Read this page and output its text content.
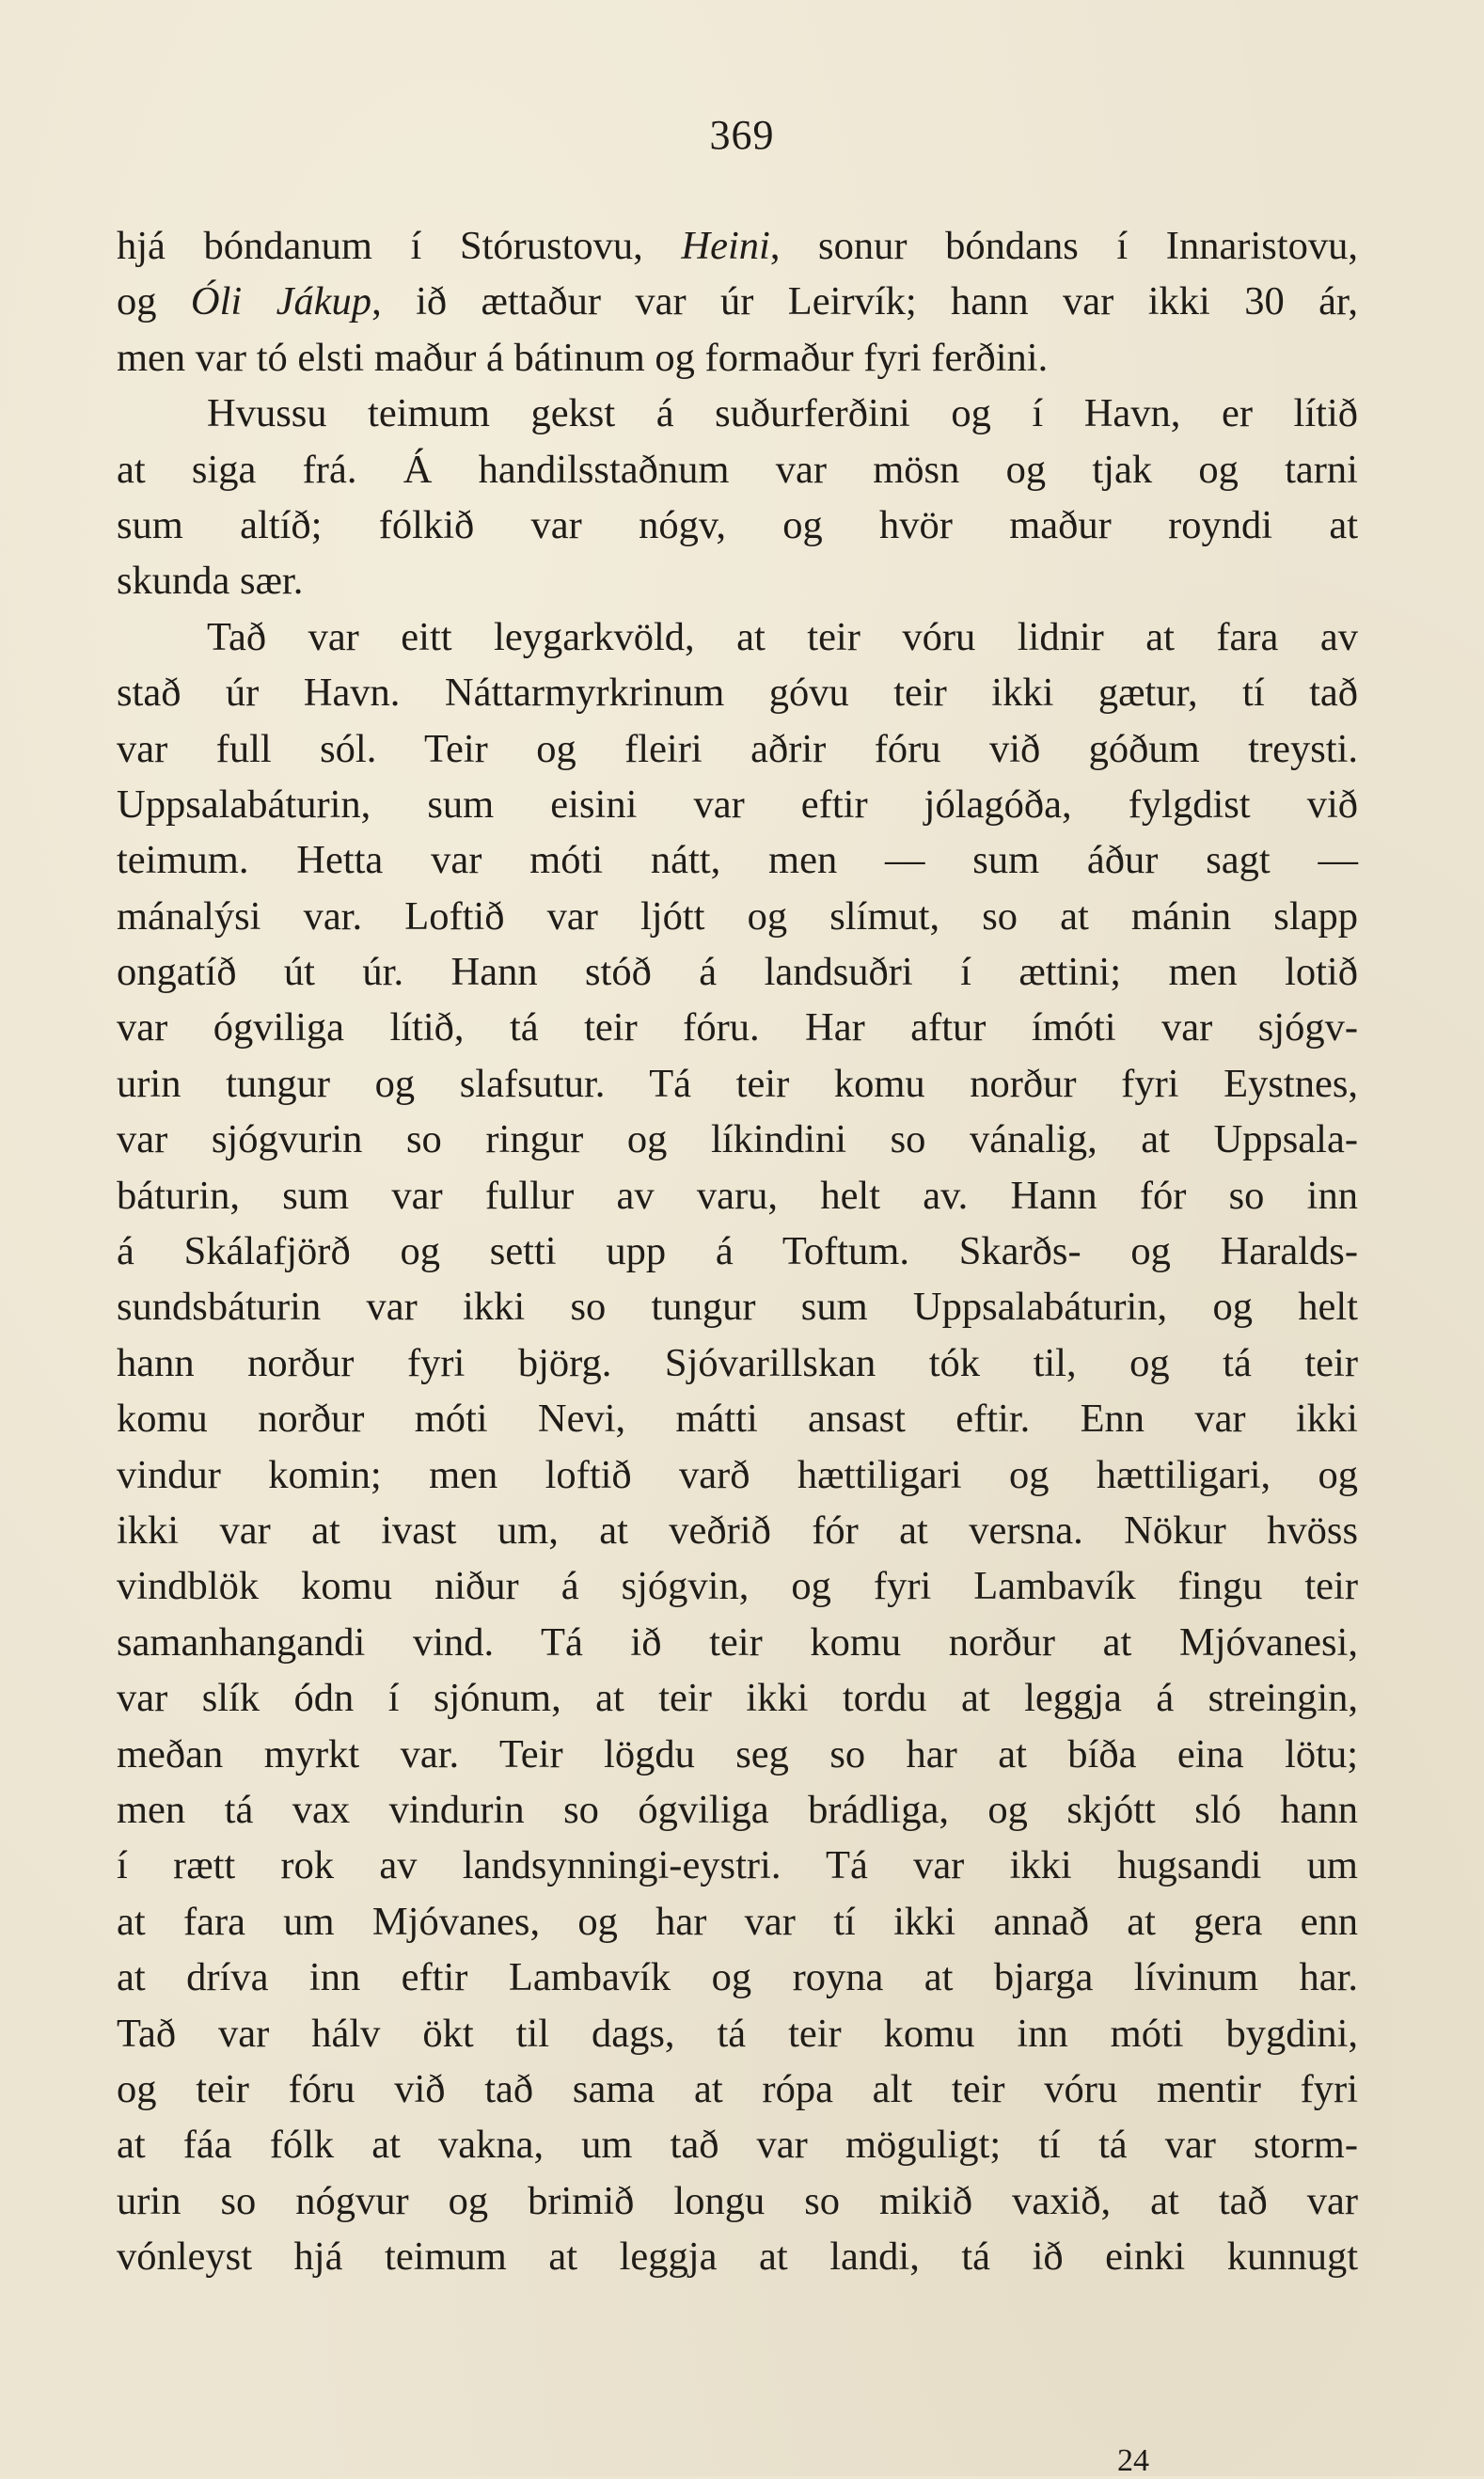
369
hjá bóndanum í Stórustovu, Heini, sonur bóndans í Innaristovu,
og Óli Jákup, ið ættaður var úr Leirvík; hann var ikki 30 ár,
men var tó elsti maður á bátinum og formaður fyri ferðini.
Hvussu teimum gekst á suðurferðini og í Havn, er lítið
at siga frá. Á handilsstaðnum var mösn og tjak og tarni
sum altíð; fólkið var nógv, og hvör maður royndi at
skunda sær.
Tað var eitt leygarkvöld, at teir vóru lidnir at fara av
stað úr Havn. Náttarmyrkrinum góvu teir ikki gætur, tí tað
var full sól. Teir og fleiri aðrir fóru við góðum treysti.
Uppsalabáturin, sum eisini var eftir jólagóða, fylgdist við
teimum. Hetta var móti nátt, men — sum áður sagt —
mánalýsi var. Loftið var ljótt og slímut, so at mánin slapp
ongatíð út úr. Hann stóð á landsuðri í ættini; men lotið
var ógviliga lítið, tá teir fóru. Har aftur ímóti var sjógv-
urin tungur og slafsutur. Tá teir komu norður fyri Eystnes,
var sjógvurin so ringur og líkindini so vánalig, at Uppsala-
báturin, sum var fullur av varu, helt av. Hann fór so inn
á Skálafjörð og setti upp á Toftum. Skarðs- og Haralds-
sundsbáturin var ikki so tungur sum Uppsalabáturin, og helt
hann norður fyri björg. Sjóvarillskan tók til, og tá teir
komu norður móti Nevi, mátti ansast eftir. Enn var ikki
vindur komin; men loftið varð hættiligari og hættiligari, og
ikki var at ivast um, at veðrið fór at versna. Nökur hvöss
vindblök komu niður á sjógvin, og fyri Lambavík fingu teir
samanhangandi vind. Tá ið teir komu norður at Mjóvanesi,
var slík ódn í sjónum, at teir ikki tordu at leggja á streingin,
meðan myrkt var. Teir lögdu seg so har at bíða eina lötu;
men tá vax vindurin so ógviliga brádliga, og skjótt sló hann
í rætt rok av landsynningi-eystri. Tá var ikki hugsandi um
at fara um Mjóvanes, og har var tí ikki annað at gera enn
at dríva inn eftir Lambavík og royna at bjarga lívinum har.
Tað var hálv ökt til dags, tá teir komu inn móti bygdini,
og teir fóru við tað sama at rópa alt teir vóru mentir fyri
at fáa fólk at vakna, um tað var möguligt; tí tá var storm-
urin so nógvur og brimið longu so mikið vaxið, at tað var
vónleyst hjá teimum at leggja at landi, tá ið einki kunnugt
24
